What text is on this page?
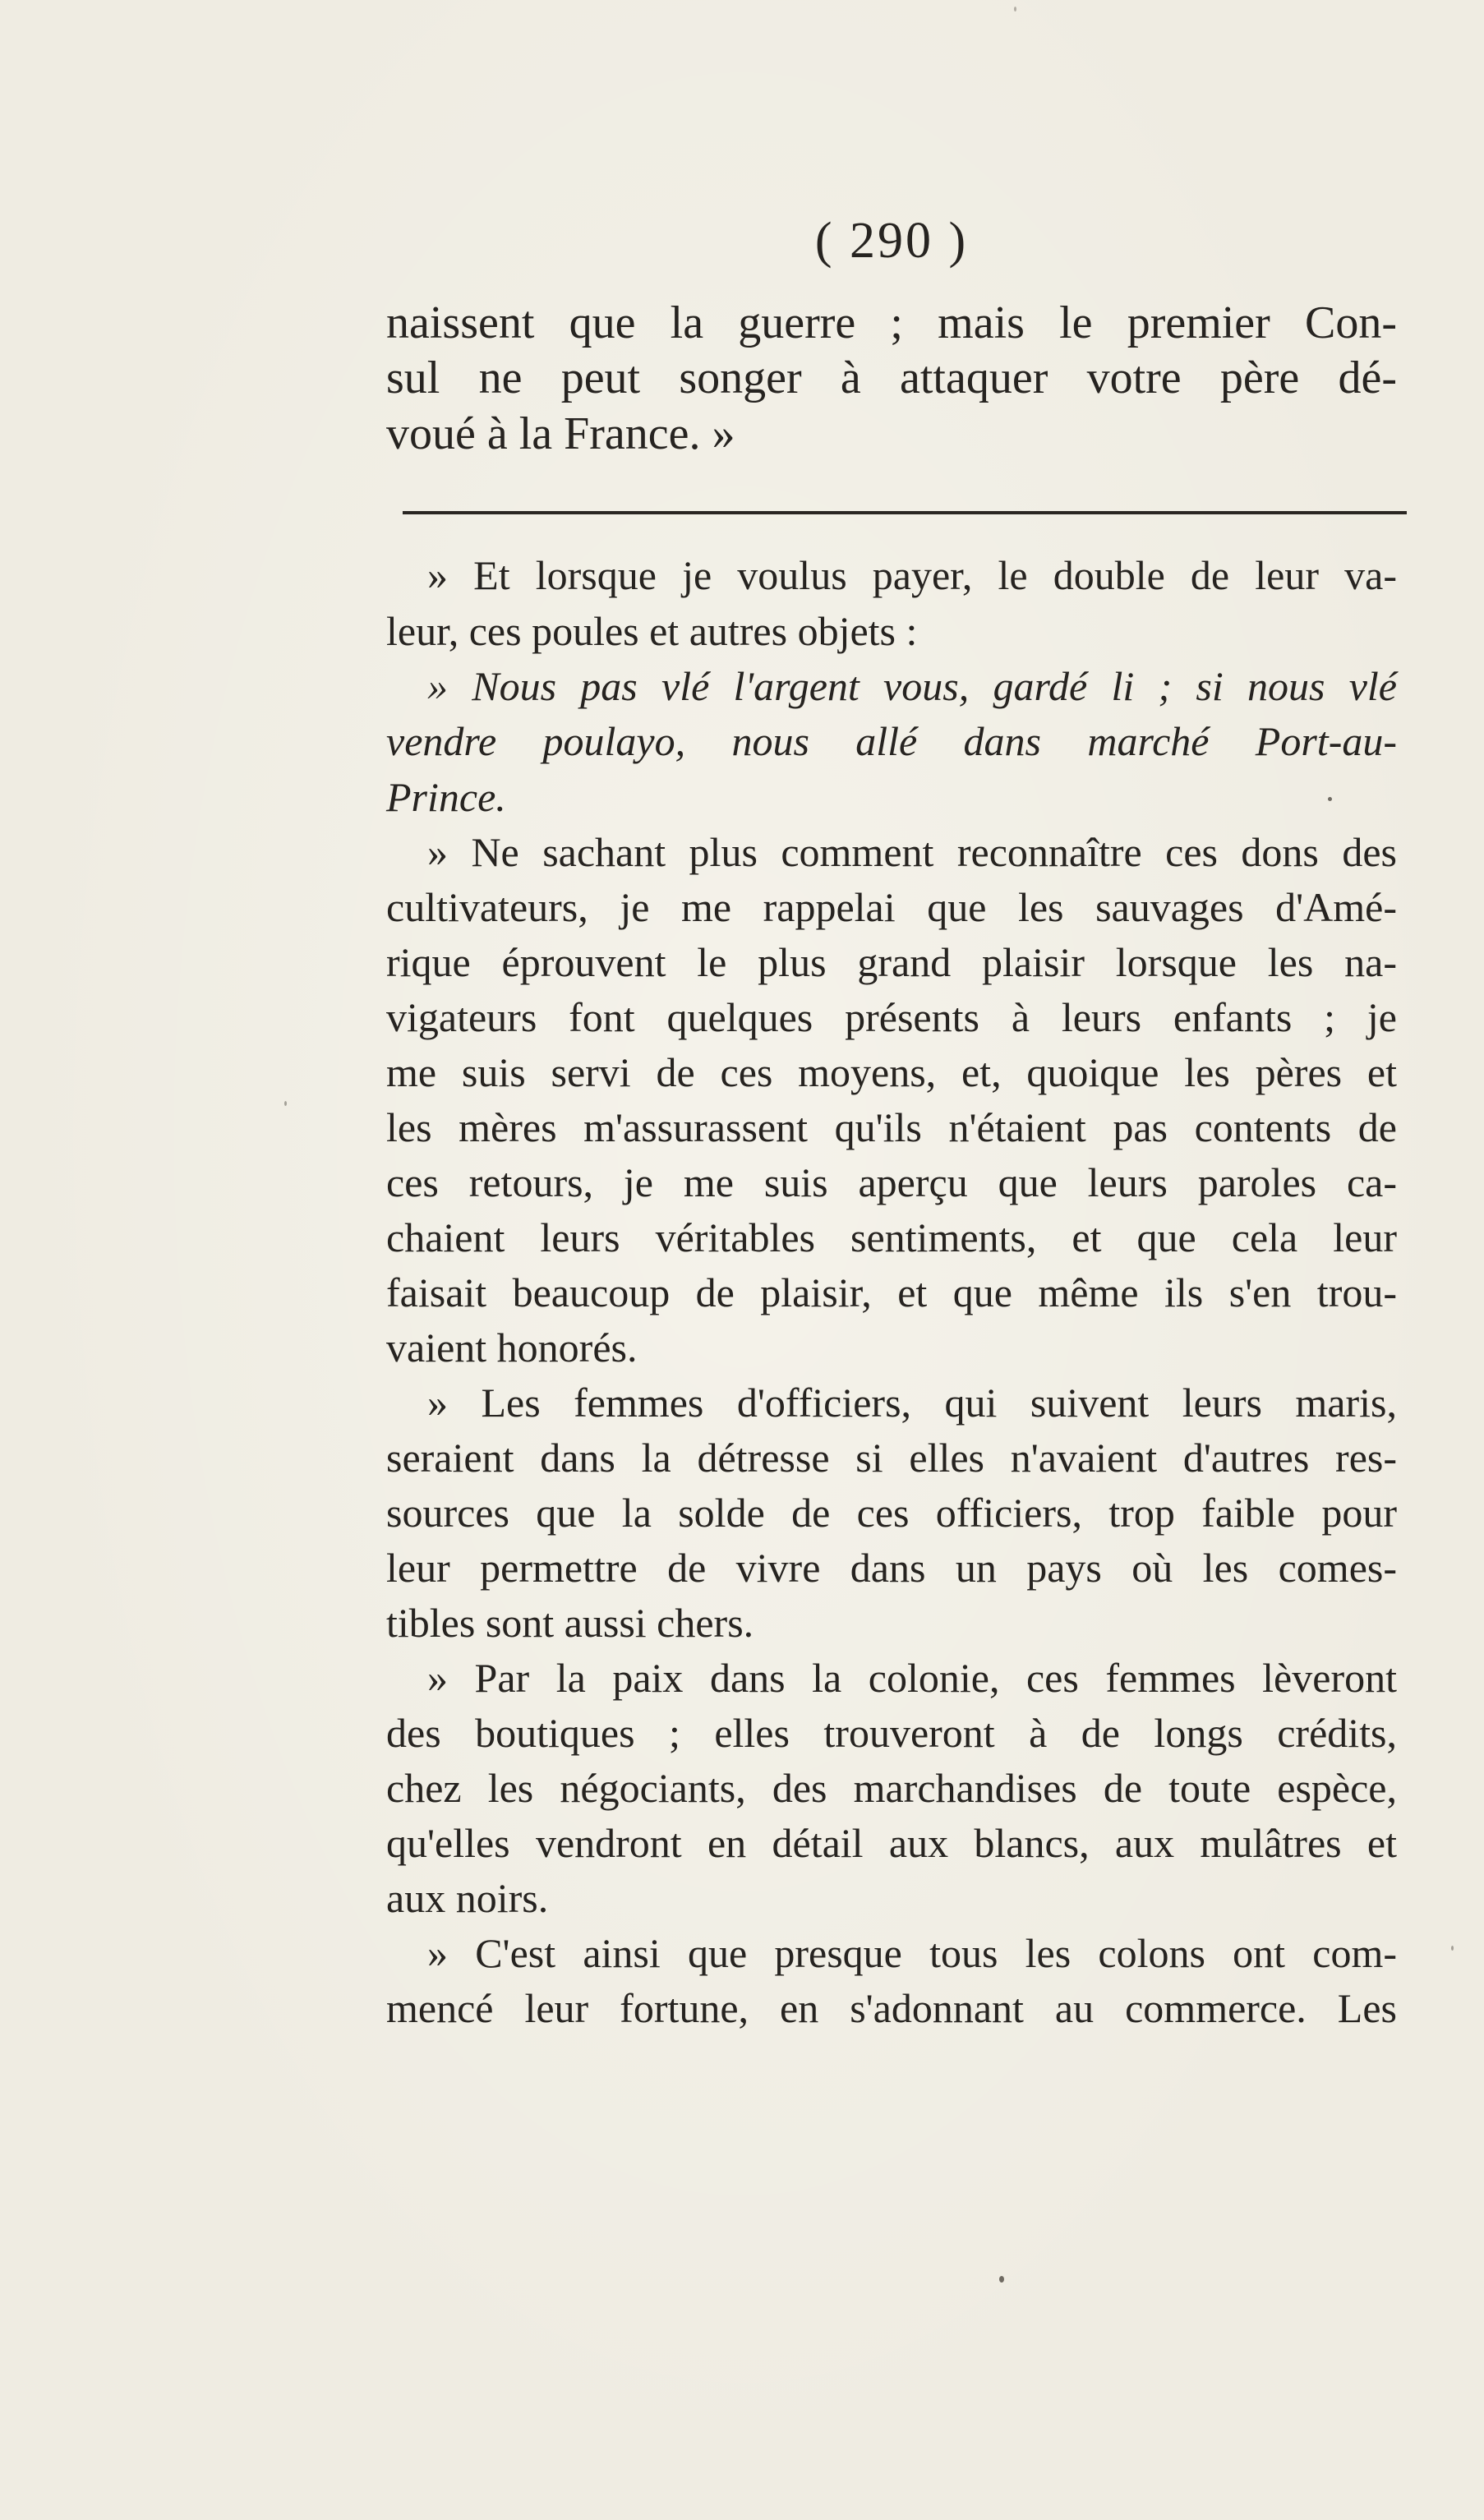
( 290 )
naissent que la guerre ; mais le premier Con-
sul ne peut songer à attaquer votre père dé-
voué à la France. »
» Et lorsque je voulus payer, le double de leur va-
leur, ces poules et autres objets :
» Nous pas vlé l'argent vous, gardé li ; si nous vlé
vendre poulayo, nous allé dans marché Port-au-
Prince.
» Ne sachant plus comment reconnaître ces dons des
cultivateurs, je me rappelai que les sauvages d'Amé-
rique éprouvent le plus grand plaisir lorsque les na-
vigateurs font quelques présents à leurs enfants ; je
me suis servi de ces moyens, et, quoique les pères et
les mères m'assurassent qu'ils n'étaient pas contents de
ces retours, je me suis aperçu que leurs paroles ca-
chaient leurs véritables sentiments, et que cela leur
faisait beaucoup de plaisir, et que même ils s'en trou-
vaient honorés.
» Les femmes d'officiers, qui suivent leurs maris,
seraient dans la détresse si elles n'avaient d'autres res-
sources que la solde de ces officiers, trop faible pour
leur permettre de vivre dans un pays où les comes-
tibles sont aussi chers.
» Par la paix dans la colonie, ces femmes lèveront
des boutiques ; elles trouveront à de longs crédits,
chez les négociants, des marchandises de toute espèce,
qu'elles vendront en détail aux blancs, aux mulâtres et
aux noirs.
» C'est ainsi que presque tous les colons ont com-
mencé leur fortune, en s'adonnant au commerce. Les
